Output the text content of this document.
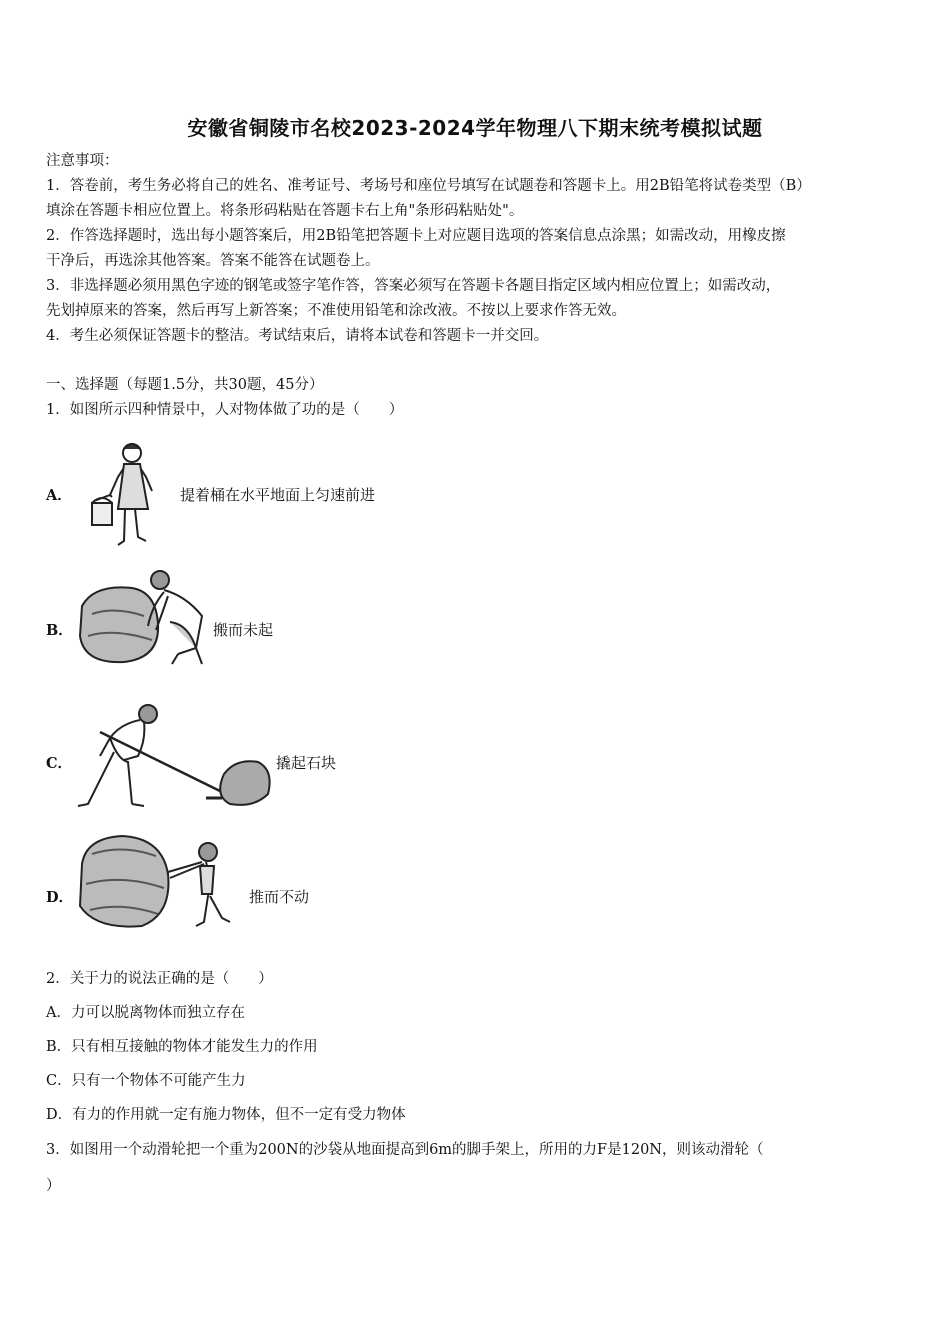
安徽省铜陵市名校2023-2024学年物理八下期末统考模拟试题
注意事项：
1．答卷前，考生务必将自己的姓名、准考证号、考场号和座位号填写在试题卷和答题卡上。用2B铅笔将试卷类型（B）
填涂在答题卡相应位置上。将条形码粘贴在答题卡右上角"条形码粘贴处"。
2．作答选择题时，选出每小题答案后，用2B铅笔把答题卡上对应题目选项的答案信息点涂黑；如需改动，用橡皮擦
干净后，再选涂其他答案。答案不能答在试题卷上。
3．非选择题必须用黑色字迹的钢笔或签字笔作答，答案必须写在答题卡各题目指定区域内相应位置上；如需改动，
先划掉原来的答案，然后再写上新答案；不准使用铅笔和涂改液。不按以上要求作答无效。
4．考生必须保证答题卡的整洁。考试结束后，请将本试卷和答题卡一并交回。
一、选择题（每题1.5分，共30题，45分）
1．如图所示四种情景中，人对物体做了功的是（　　）
A．	提着桶在水平地面上匀速前进
B．	搬而未起
C．	撬起石块
D．	推而不动
2．关于力的说法正确的是（　　）
A．力可以脱离物体而独立存在
B．只有相互接触的物体才能发生力的作用
C．只有一个物体不可能产生力
D．有力的作用就一定有施力物体，但不一定有受力物体
3．如图用一个动滑轮把一个重为200N的沙袋从地面提高到6m的脚手架上，所用的力F是120N，则该动滑轮（
）
